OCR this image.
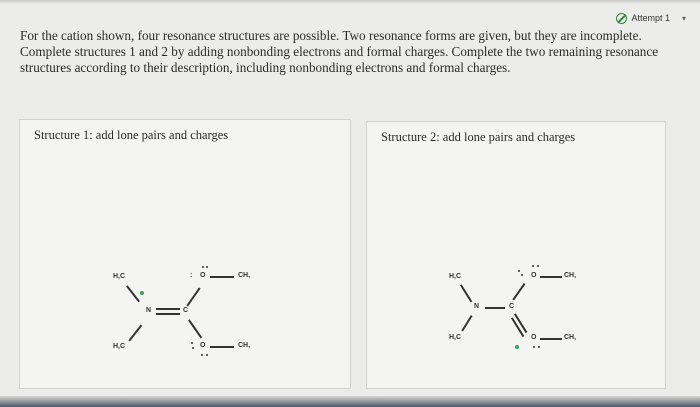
Attempt 1 ▾
For the cation shown, four resonance structures are possible. Two resonance forms are given, but they are incomplete. Complete structures 1 and 2 by adding nonbonding electrons and formal charges. Complete the two remaining resonance structures according to their description, including nonbonding electrons and formal charges.
Structure 1: add lone pairs and charges
H,C
H,C
N	C
O
:
O
CH,
CH,
Structure 2: add lone pairs and charges
H,C
H,C
N	C
O
O
CH,
CH,
